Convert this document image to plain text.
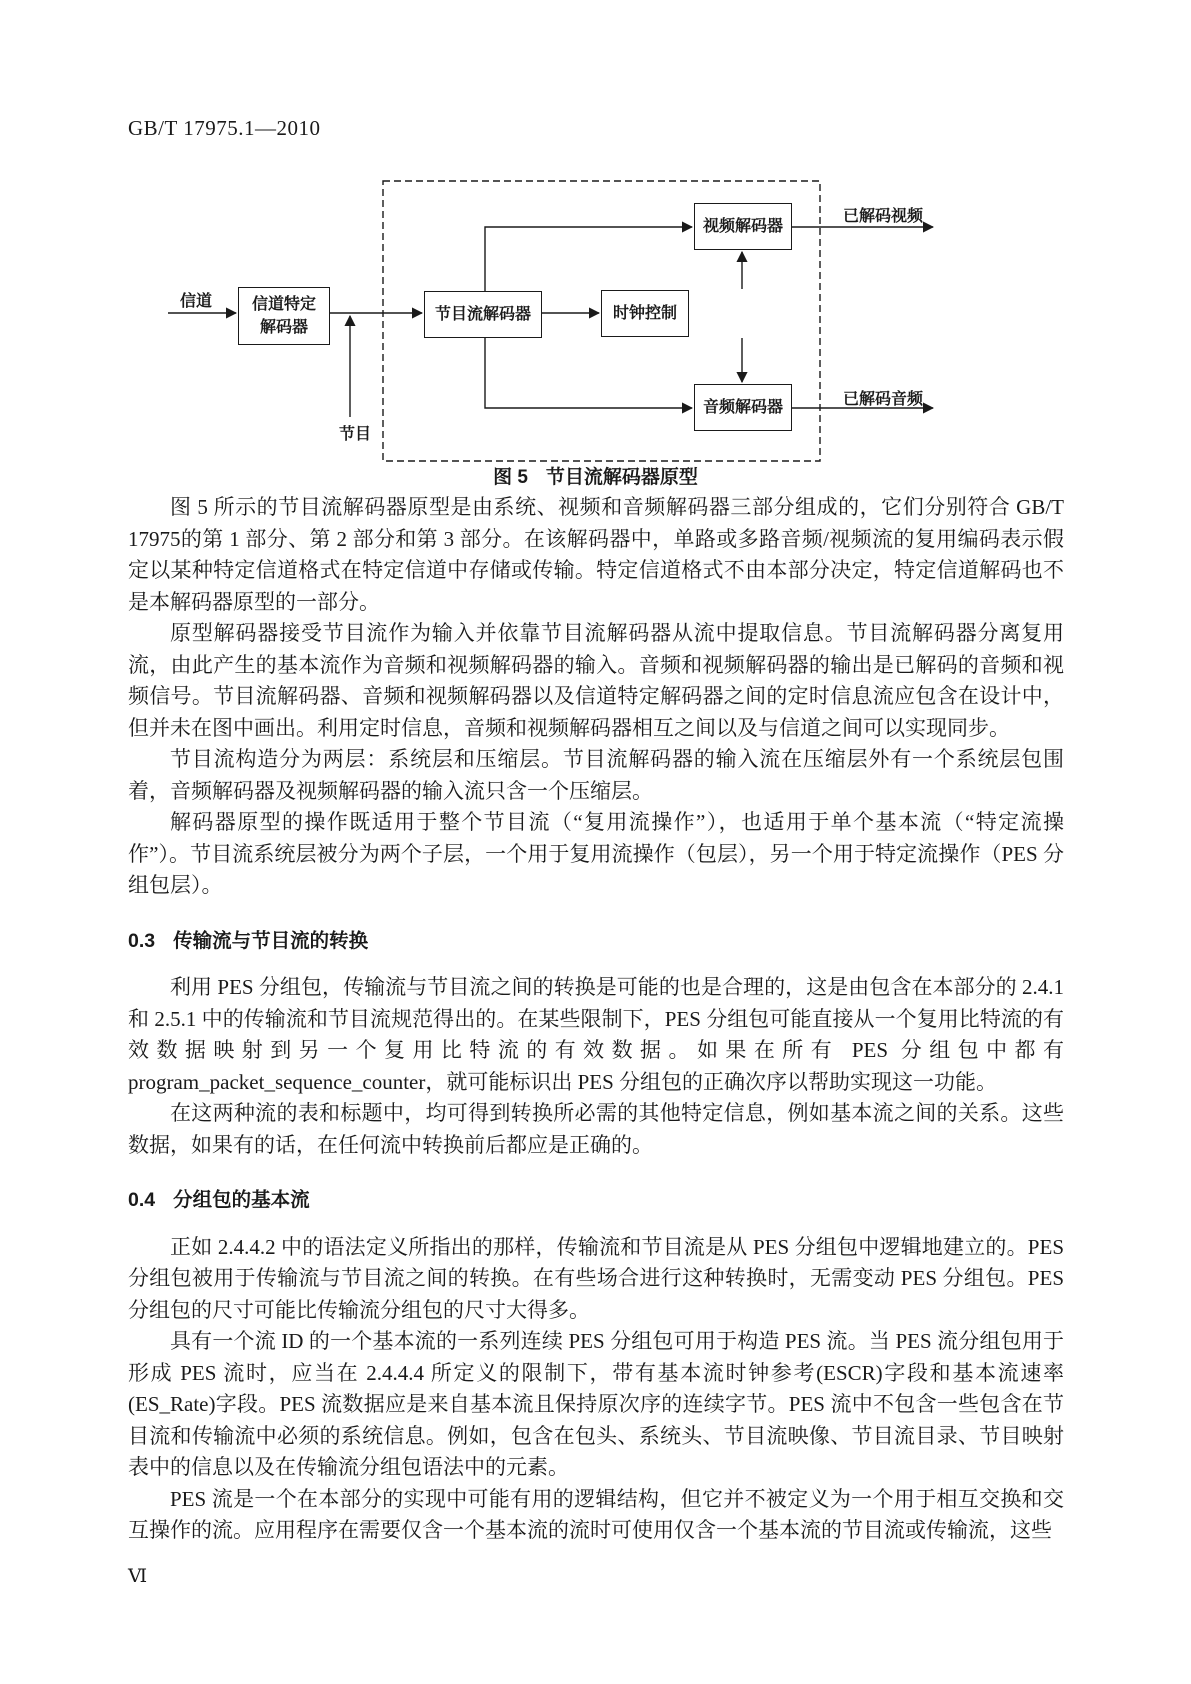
GB/T 17975.1—2010
信道特定
解码器
节目流解码器	时钟控制
视频解码器
音频解码器
信道
节目
已解码视频
已解码音频
图 5 节目流解码器原型

图 5 所示的节目流解码器原型是由系统、视频和音频解码器三部分组成的，它们分别符合 GB/T 17975的第 1 部分、第 2 部分和第 3 部分。在该解码器中，单路或多路音频/视频流的复用编码表示假定以某种特定信道格式在特定信道中存储或传输。特定信道格式不由本部分决定，特定信道解码也不是本解码器原型的一部分。

原型解码器接受节目流作为输入并依靠节目流解码器从流中提取信息。节目流解码器分离复用流，由此产生的基本流作为音频和视频解码器的输入。音频和视频解码器的输出是已解码的音频和视频信号。节目流解码器、音频和视频解码器以及信道特定解码器之间的定时信息流应包含在设计中，但并未在图中画出。利用定时信息，音频和视频解码器相互之间以及与信道之间可以实现同步。

节目流构造分为两层：系统层和压缩层。节目流解码器的输入流在压缩层外有一个系统层包围着，音频解码器及视频解码器的输入流只含一个压缩层。

解码器原型的操作既适用于整个节目流（“复用流操作”），也适用于单个基本流（“特定流操作”）。节目流系统层被分为两个子层，一个用于复用流操作（包层），另一个用于特定流操作（PES 分组包层）。

0.3 传输流与节目流的转换

利用 PES 分组包，传输流与节目流之间的转换是可能的也是合理的，这是由包含在本部分的 2.4.1 和 2.5.1 中的传输流和节目流规范得出的。在某些限制下，PES 分组包可能直接从一个复用比特流的有效数据映射到另一个复用比特流的有效数据。如果在所有 PES 分组包中都有 program_packet_sequence_counter，就可能标识出 PES 分组包的正确次序以帮助实现这一功能。

在这两种流的表和标题中，均可得到转换所必需的其他特定信息，例如基本流之间的关系。这些数据，如果有的话，在任何流中转换前后都应是正确的。

0.4 分组包的基本流

正如 2.4.4.2 中的语法定义所指出的那样，传输流和节目流是从 PES 分组包中逻辑地建立的。PES 分组包被用于传输流与节目流之间的转换。在有些场合进行这种转换时，无需变动 PES 分组包。PES 分组包的尺寸可能比传输流分组包的尺寸大得多。

具有一个流 ID 的一个基本流的一系列连续 PES 分组包可用于构造 PES 流。当 PES 流分组包用于形成 PES 流时，应当在 2.4.4.4 所定义的限制下，带有基本流时钟参考(ESCR)字段和基本流速率(ES_Rate)字段。PES 流数据应是来自基本流且保持原次序的连续字节。PES 流中不包含一些包含在节目流和传输流中必须的系统信息。例如，包含在包头、系统头、节目流映像、节目流目录、节目映射表中的信息以及在传输流分组包语法中的元素。

PES 流是一个在本部分的实现中可能有用的逻辑结构，但它并不被定义为一个用于相互交换和交互操作的流。应用程序在需要仅含一个基本流的流时可使用仅含一个基本流的节目流或传输流，这些

Ⅵ
